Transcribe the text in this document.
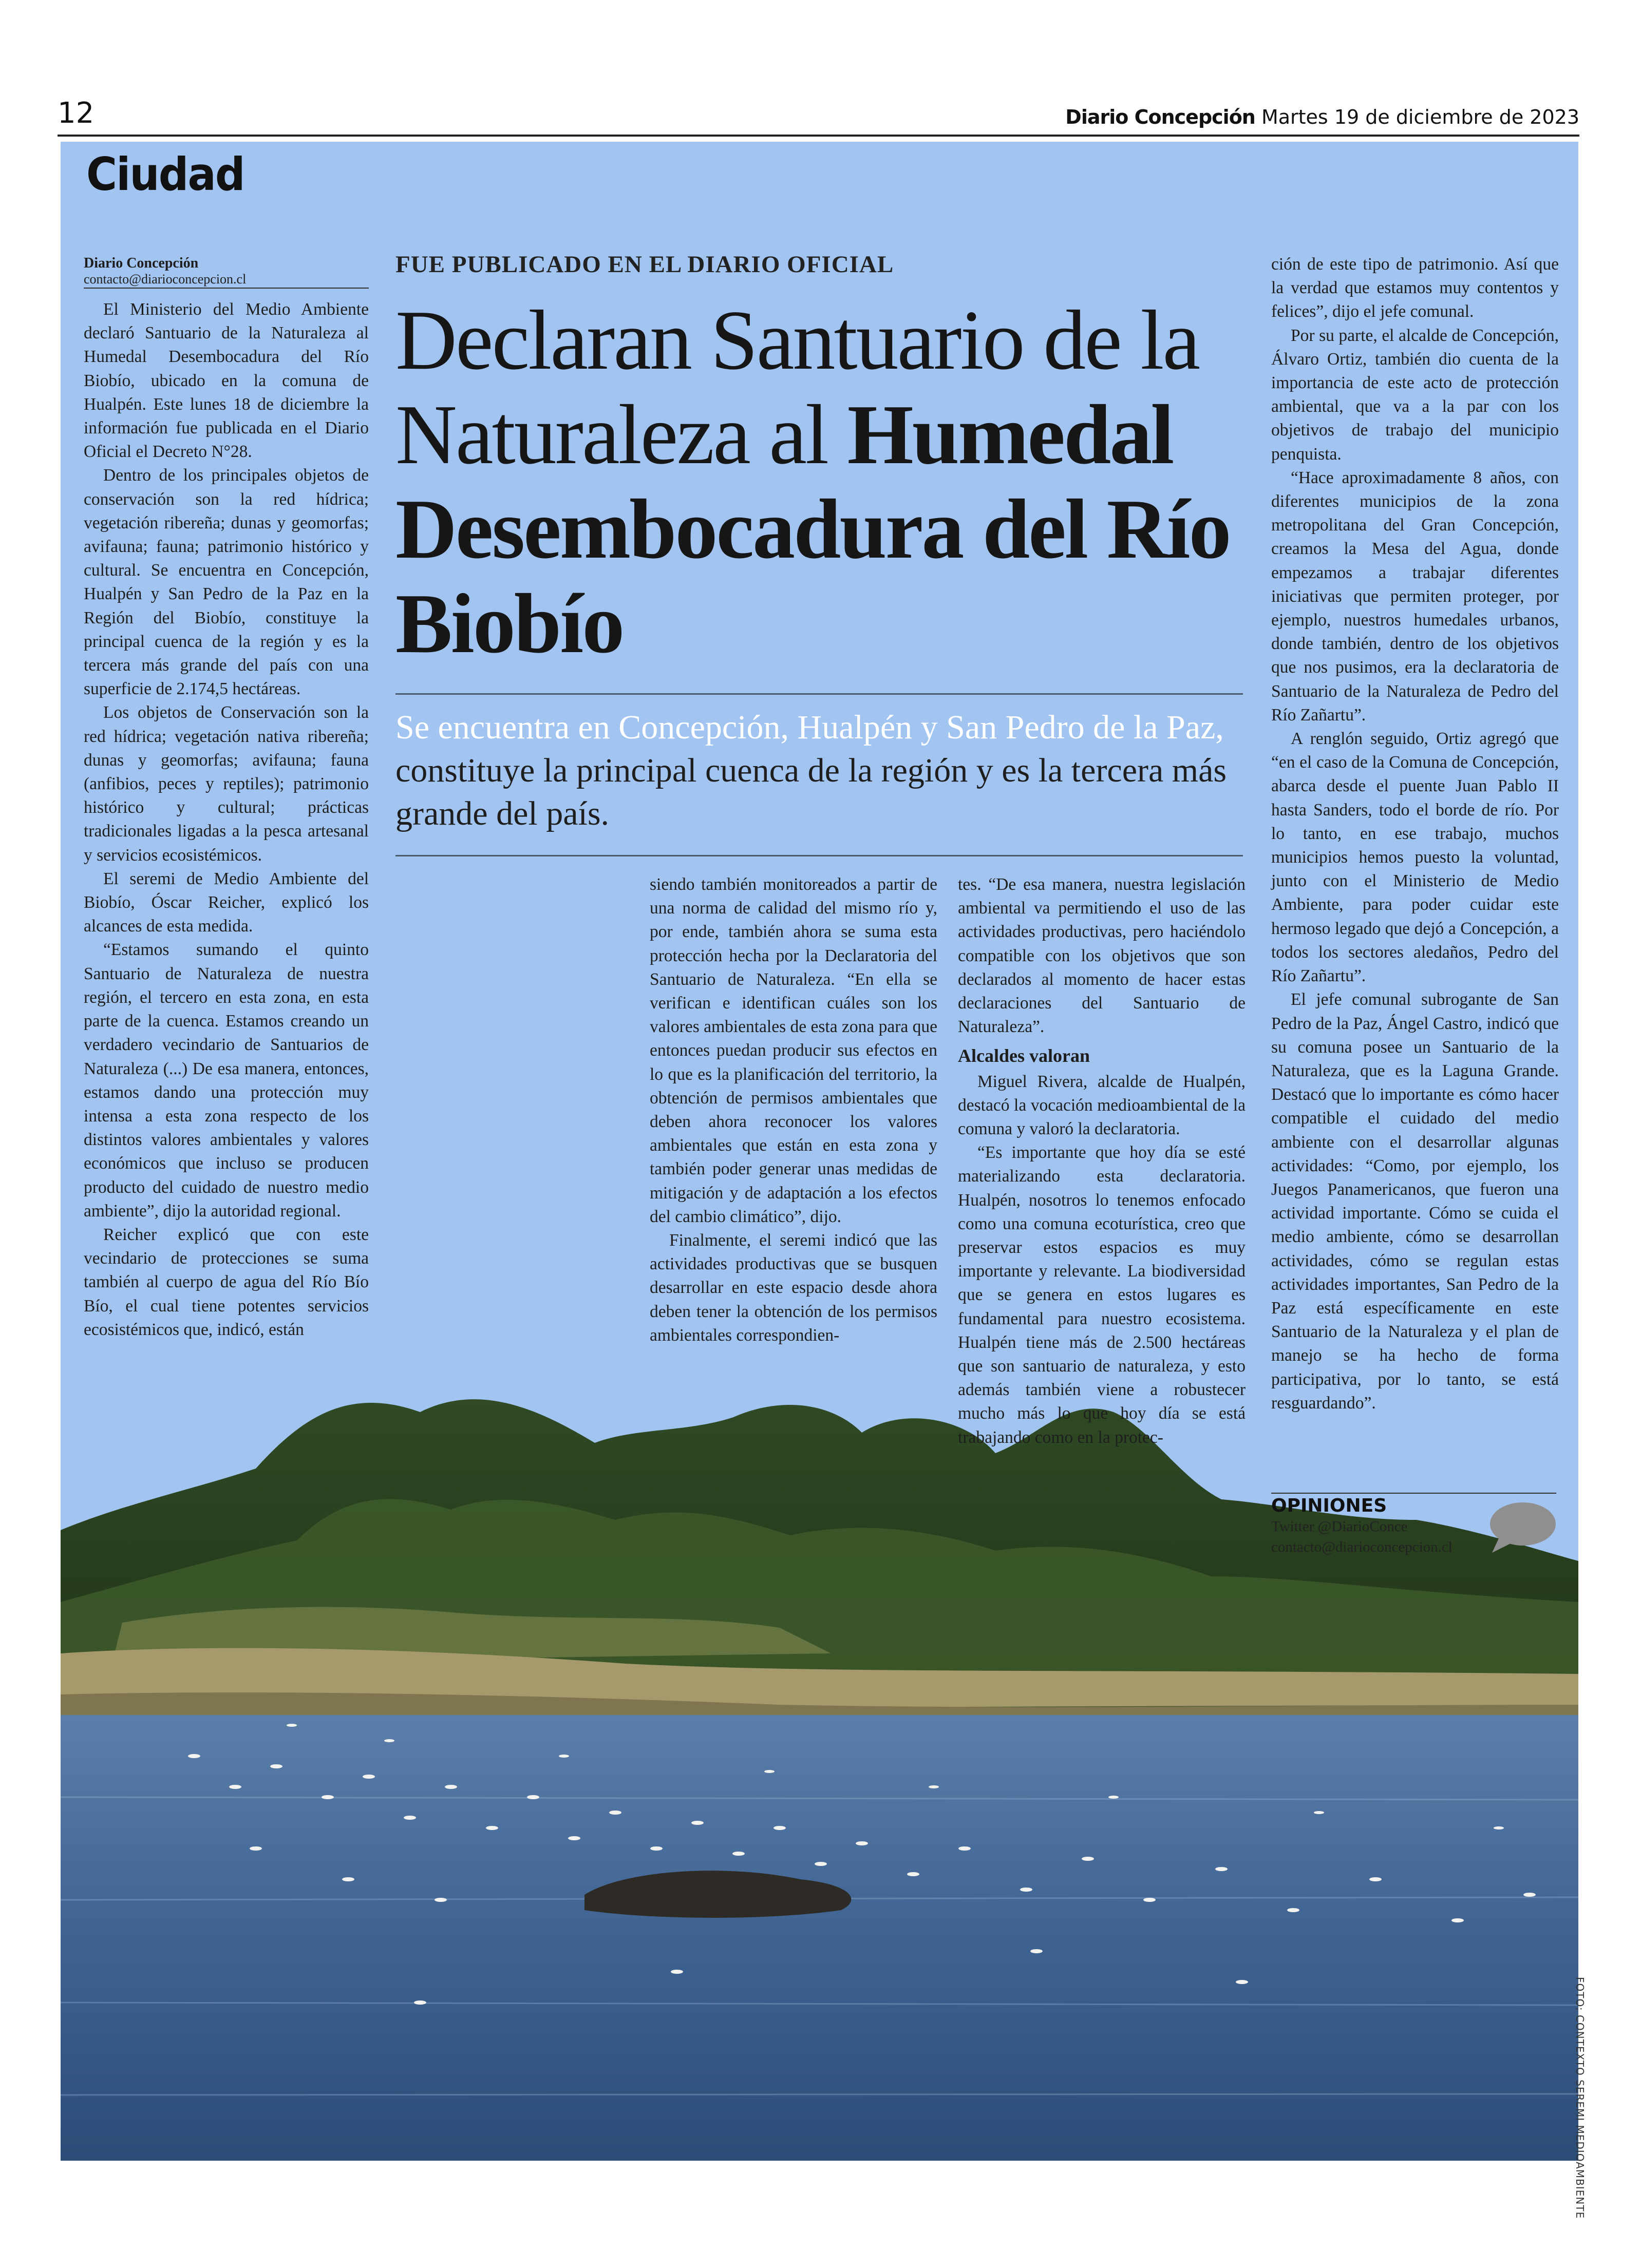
12	Diario Concepción Martes 19 de diciembre de 2023
Ciudad
Diario Concepción
contacto@diarioconcepcion.cl

El Ministerio del Medio Ambiente declaró Santuario de la Naturaleza al Humedal Desembocadura del Río Biobío, ubicado en la comuna de Hualpén. Este lunes 18 de diciembre la información fue publicada en el Diario Oficial el Decreto N°28.

Dentro de los principales objetos de conservación son la red hídrica; vegetación ribereña; dunas y geomorfas; avifauna; fauna; patrimonio histórico y cultural. Se encuentra en Concepción, Hualpén y San Pedro de la Paz en la Región del Biobío, constituye la principal cuenca de la región y es la tercera más grande del país con una superficie de 2.174,5 hectáreas.

Los objetos de Conservación son la red hídrica; vegetación nativa ribereña; dunas y geomorfas; avifauna; fauna (anfibios, peces y reptiles); patrimonio histórico y cultural; prácticas tradicionales ligadas a la pesca artesanal y servicios ecosistémicos.

El seremi de Medio Ambiente del Biobío, Óscar Reicher, explicó los alcances de esta medida.

“Estamos sumando el quinto Santuario de Naturaleza de nuestra región, el tercero en esta zona, en esta parte de la cuenca. Estamos creando un verdadero vecindario de Santuarios de Naturaleza (...) De esa manera, entonces, estamos dando una protección muy intensa a esta zona respecto de los distintos valores ambientales y valores económicos que incluso se producen producto del cuidado de nuestro medio ambiente”, dijo la autoridad regional.

Reicher explicó que con este vecindario de protecciones se suma también al cuerpo de agua del Río Bío Bío, el cual tiene potentes servicios ecosistémicos que, indicó, están

FUE PUBLICADO EN EL DIARIO OFICIAL
Declaran Santuario de la Naturaleza al Humedal Desembocadura del Río Biobío
Se encuentra en Concepción, Hualpén y San Pedro de la Paz, constituye la principal cuenca de la región y es la tercera más grande del país.

siendo también monitoreados a partir de una norma de calidad del mismo río y, por ende, también ahora se suma esta protección hecha por la Declaratoria del Santuario de Naturaleza. “En ella se verifican e identifican cuáles son los valores ambientales de esta zona para que entonces puedan producir sus efectos en lo que es la planificación del territorio, la obtención de permisos ambientales que deben ahora reconocer los valores ambientales que están en esta zona y también poder generar unas medidas de mitigación y de adaptación a los efectos del cambio climático”, dijo.

Finalmente, el seremi indicó que las actividades productivas que se busquen desarrollar en este espacio desde ahora deben tener la obtención de los permisos ambientales correspondien-

tes. “De esa manera, nuestra legislación ambiental va permitiendo el uso de las actividades productivas, pero haciéndolo compatible con los objetivos que son declarados al momento de hacer estas declaraciones del Santuario de Naturaleza”.

Alcaldes valoran

Miguel Rivera, alcalde de Hualpén, destacó la vocación medioambiental de la comuna y valoró la declaratoria.

“Es importante que hoy día se esté materializando esta declaratoria. Hualpén, nosotros lo tenemos enfocado como una comuna ecoturística, creo que preservar estos espacios es muy importante y relevante. La biodiversidad que se genera en estos lugares es fundamental para nuestro ecosistema. Hualpén tiene más de 2.500 hectáreas que son santuario de naturaleza, y esto además también viene a robustecer mucho más lo que hoy día se está trabajando como en la protec-

ción de este tipo de patrimonio. Así que la verdad que estamos muy contentos y felices”, dijo el jefe comunal.

Por su parte, el alcalde de Concepción, Álvaro Ortiz, también dio cuenta de la importancia de este acto de protección ambiental, que va a la par con los objetivos de trabajo del municipio penquista.

“Hace aproximadamente 8 años, con diferentes municipios de la zona metropolitana del Gran Concepción, creamos la Mesa del Agua, donde empezamos a trabajar diferentes iniciativas que permiten proteger, por ejemplo, nuestros humedales urbanos, donde también, dentro de los objetivos que nos pusimos, era la declaratoria de Santuario de la Naturaleza de Pedro del Río Zañartu”.

A renglón seguido, Ortiz agregó que “en el caso de la Comuna de Concepción, abarca desde el puente Juan Pablo II hasta Sanders, todo el borde de río. Por lo tanto, en ese trabajo, muchos municipios hemos puesto la voluntad, junto con el Ministerio de Medio Ambiente, para poder cuidar este hermoso legado que dejó a Concepción, a todos los sectores aledaños, Pedro del Río Zañartu”.

El jefe comunal subrogante de San Pedro de la Paz, Ángel Castro, indicó que su comuna posee un Santuario de la Naturaleza, que es la Laguna Grande. Destacó que lo importante es cómo hacer compatible el cuidado del medio ambiente con el desarrollar algunas actividades: “Como, por ejemplo, los Juegos Panamericanos, que fueron una actividad importante. Cómo se cuida el medio ambiente, cómo se desarrollan actividades, cómo se regulan estas actividades importantes, San Pedro de la Paz está específicamente en este Santuario de la Naturaleza y el plan de manejo se ha hecho de forma participativa, por lo tanto, se está resguardando”.

OPINIONES
Twitter @DiarioConce
contacto@diarioconcepcion.cl
FOTO: CONTEXTO SEREMI MEDIOAMBIENTE
